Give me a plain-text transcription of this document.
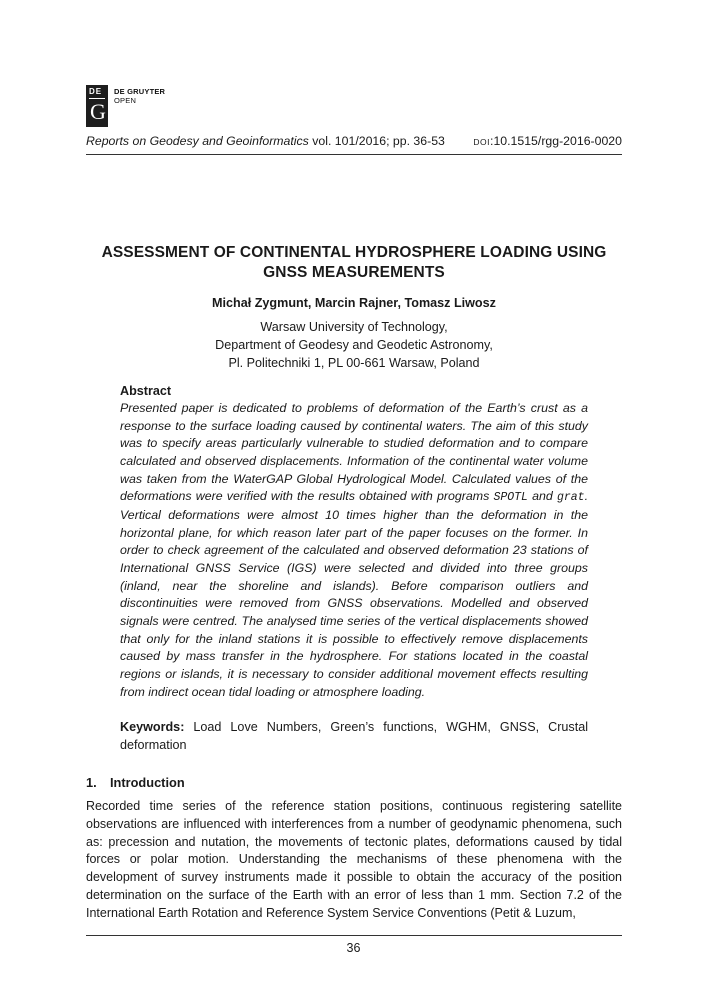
DE
G
DE GRUYTER
OPEN
Reports on Geodesy and Geoinformatics vol. 101/2016; pp. 36-53	DOI:10.1515/rgg-2016-0020
ASSESSMENT OF CONTINENTAL HYDROSPHERE LOADING USING
GNSS MEASUREMENTS
Michał Zygmunt, Marcin Rajner, Tomasz Liwosz
Warsaw University of Technology,
Department of Geodesy and Geodetic Astronomy,
Pl. Politechniki 1, PL 00-661 Warsaw, Poland
Abstract
Presented paper is dedicated to problems of deformation of the Earth’s crust as a response to the surface loading caused by continental waters. The aim of this study was to specify areas particularly vulnerable to studied deformation and to compare calculated and observed displacements. Information of the continental water volume was taken from the WaterGAP Global Hydrological Model. Calculated values of the deformations were verified with the results obtained with programs SPOTL and grat. Vertical deformations were almost 10 times higher than the deformation in the horizontal plane, for which reason later part of the paper focuses on the former. In order to check agreement of the calculated and observed deformation 23 stations of International GNSS Service (IGS) were selected and divided into three groups (inland, near the shoreline and islands). Before comparison outliers and discontinuities were removed from GNSS observations. Modelled and observed signals were centred. The analysed time series of the vertical displacements showed that only for the inland stations it is possible to effectively remove displacements caused by mass transfer in the hydrosphere. For stations located in the coastal regions or islands, it is necessary to consider additional movement effects resulting from indirect ocean tidal loading or atmosphere loading.
Keywords: Load Love Numbers, Green’s functions, WGHM, GNSS, Crustal deformation
1. Introduction
Recorded time series of the reference station positions, continuous registering satellite observations are influenced with interferences from a number of geodynamic phenomena, such as: precession and nutation, the movements of tectonic plates, deformations caused by tidal forces or polar motion. Understanding the mechanisms of these phenomena with the development of survey instruments made it possible to obtain the accuracy of the position determination on the surface of the Earth with an error of less than 1 mm. Section 7.2 of the International Earth Rotation and Reference System Service Conventions (Petit & Luzum,
36
